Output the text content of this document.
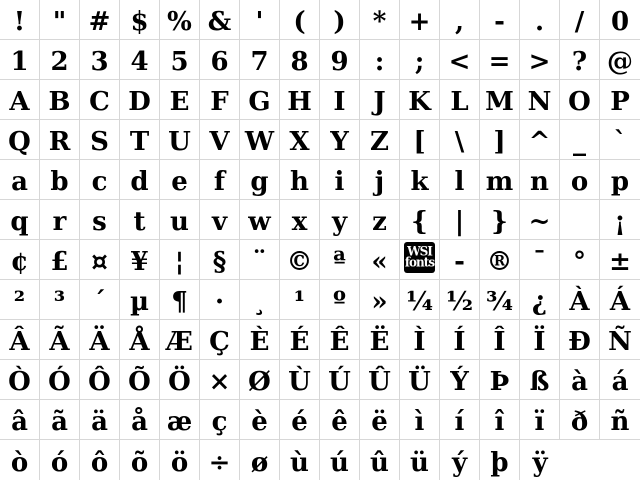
! " # $ % & ' ( ) * + , - . / 0
1 2 3 4 5 6 7 8 9 : ; < = > ? @
A B C D E F G H I J K L M N O P
Q R S T U V W X Y Z [ \ ] ^ _ `
a b c d e f g h i j k l m n o p
q r s t u v w x y z { | } ~ ¡
¢ £ ¤ ¥ ¦ § ¨ © ª « WSI
fonts - ® ¯ ° ±
² ³ ´ µ ¶ · ¸ ¹ º » ¼ ½ ¾ ¿ À Á
Â Ã Ä Å Æ Ç È É Ê Ë Ì Í Î Ï Ð Ñ
Ò Ó Ô Õ Ö × Ø Ù Ú Û Ü Ý Þ ß à á
â ã ä å æ ç è é ê ë ì í î ï ð ñ
ò ó ô õ ö ÷ ø ù ú û ü ý þ ÿ
